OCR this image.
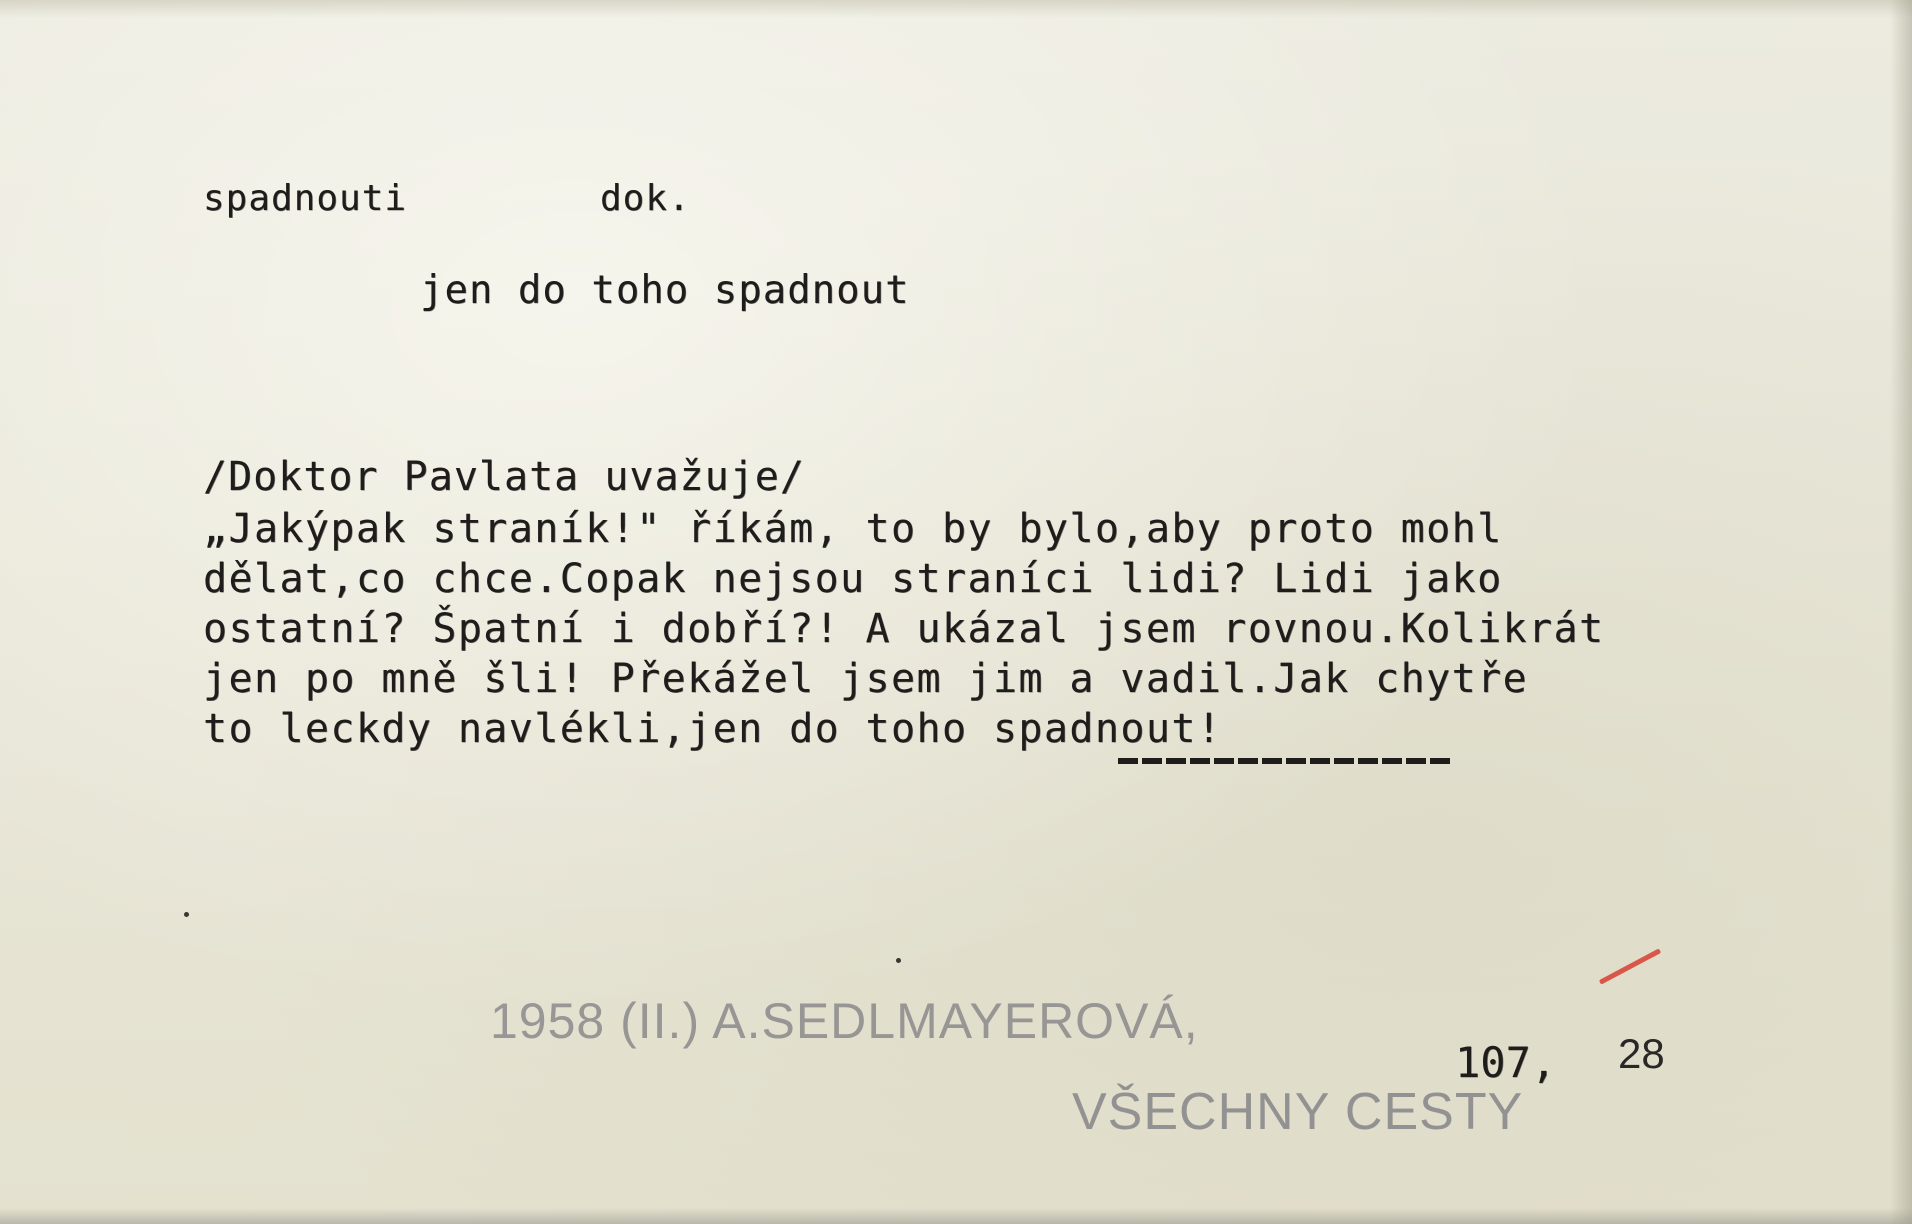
spadnouti	dok.
jen do toho spadnout
/Doktor Pavlata uvažuje/
„Jakýpak straník!" říkám, to by bylo,aby proto mohl
dělat,co chce.Copak nejsou straníci lidi? Lidi jako
ostatní? Špatní i dobří?! A ukázal jsem rovnou.Kolikrát
jen po mně šli! Překážel jsem jim a vadil.Jak chytře
to leckdy navlékli,jen do toho spadnout!
1958 (II.) A.SEDLMAYEROVÁ,
VŠECHNY CESTY
107, 28
